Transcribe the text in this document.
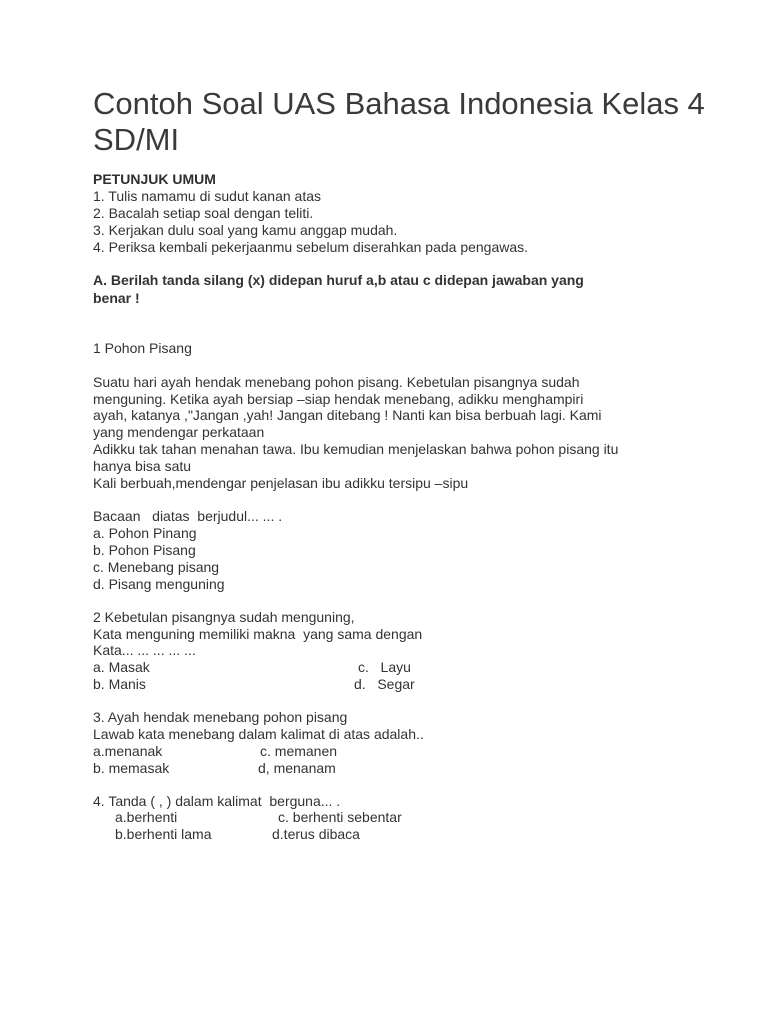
Contoh Soal UAS Bahasa Indonesia Kelas 4 SD/MI
PETUNJUK UMUM
1. Tulis namamu di sudut kanan atas
2. Bacalah setiap soal dengan teliti.
3. Kerjakan dulu soal yang kamu anggap mudah.
4. Periksa kembali pekerjaanmu sebelum diserahkan pada pengawas.
A. Berilah tanda silang (x) didepan huruf a,b atau c didepan jawaban yang
benar !
1 Pohon Pisang
Suatu hari ayah hendak menebang pohon pisang. Kebetulan pisangnya sudah
menguning. Ketika ayah bersiap –siap hendak menebang, adikku menghampiri
ayah, katanya ,"Jangan ,yah! Jangan ditebang ! Nanti kan bisa berbuah lagi. Kami
yang mendengar perkataan
Adikku tak tahan menahan tawa. Ibu kemudian menjelaskan bahwa pohon pisang itu
hanya bisa satu
Kali berbuah,mendengar penjelasan ibu adikku tersipu –sipu
Bacaan   diatas  berjudul... ... .
a. Pohon Pinang
b. Pohon Pisang
c. Menebang pisang
d. Pisang menguning
2 Kebetulan pisangnya sudah menguning,
Kata menguning memiliki makna  yang sama dengan
Kata... ... ... ... ...
a. Masak	c.   Layu
b. Manis	d.   Segar
3. Ayah hendak menebang pohon pisang
Lawab kata menebang dalam kalimat di atas adalah..
a.menanak	c. memanen
b. memasak	d, menanam
4. Tanda ( , ) dalam kalimat  berguna... .
a.berhenti	c. berhenti sebentar
b.berhenti lama	d.terus dibaca
